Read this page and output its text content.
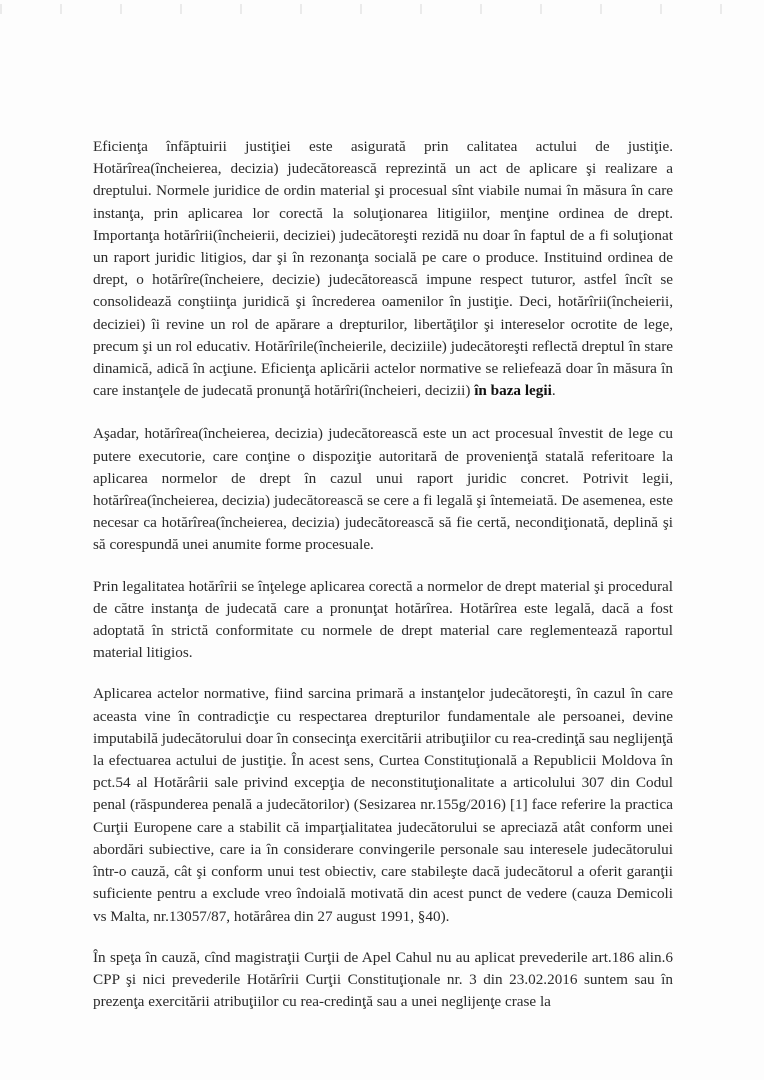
Eficienţa înfăptuirii justiţiei este asigurată prin calitatea actului de justiţie. Hotărîrea(încheierea, decizia) judecătorească reprezintă un act de aplicare şi realizare a dreptului. Normele juridice de ordin material şi procesual sînt viabile numai în măsura în care instanţa, prin aplicarea lor corectă la soluţionarea litigiilor, menţine ordinea de drept. Importanţa hotărîrii(încheierii, deciziei) judecătoreşti rezidă nu doar în faptul de a fi soluţionat un raport juridic litigios, dar şi în rezonanţa socială pe care o produce. Instituind ordinea de drept, o hotărîre(încheiere, decizie) judecătorească impune respect tuturor, astfel încît se consolidează conştiinţa juridică şi încrederea oamenilor în justiţie. Deci, hotărîrii(încheierii, deciziei) îi revine un rol de apărare a drepturilor, libertăţilor şi intereselor ocrotite de lege, precum şi un rol educativ. Hotărîrile(încheierile, deciziile) judecătoreşti reflectă dreptul în stare dinamică, adică în acţiune. Eficienţa aplicării actelor normative se reliefează doar în măsura în care instanţele de judecată pronunţă hotărîri(încheieri, decizii) în baza legii.

Aşadar, hotărîrea(încheierea, decizia) judecătorească este un act procesual învestit de lege cu putere executorie, care conţine o dispoziţie autoritară de provenienţă statală referitoare la aplicarea normelor de drept în cazul unui raport juridic concret. Potrivit legii, hotărîrea(încheierea, decizia) judecătorească se cere a fi legală şi întemeiată. De asemenea, este necesar ca hotărîrea(încheierea, decizia) judecătorească să fie certă, necondiţionată, deplină şi să corespundă unei anumite forme procesuale.

Prin legalitatea hotărîrii se înţelege aplicarea corectă a normelor de drept material şi procedural de către instanţa de judecată care a pronunţat hotărîrea. Hotărîrea este legală, dacă a fost adoptată în strictă conformitate cu normele de drept material care reglementează raportul material litigios.

Aplicarea actelor normative, fiind sarcina primară a instanţelor judecătoreşti, în cazul în care aceasta vine în contradicţie cu respectarea drepturilor fundamentale ale persoanei, devine imputabilă judecătorului doar în consecinţa exercitării atribuţiilor cu rea-credinţă sau neglijenţă la efectuarea actului de justiţie. În acest sens, Curtea Constituţională a Republicii Moldova în pct.54 al Hotărârii sale privind excepţia de neconstituţionalitate a articolului 307 din Codul penal (răspunderea penală a judecătorilor) (Sesizarea nr.155g/2016) [1] face referire la practica Curţii Europene care a stabilit că imparţialitatea judecătorului se apreciază atât conform unei abordări subiective, care ia în considerare convingerile personale sau interesele judecătorului într-o cauză, cât şi conform unui test obiectiv, care stabileşte dacă judecătorul a oferit garanţii suficiente pentru a exclude vreo îndoială motivată din acest punct de vedere (cauza Demicoli vs Malta, nr.13057/87, hotărârea din 27 august 1991, §40).

În speţa în cauză, cînd magistraţii Curţii de Apel Cahul nu au aplicat prevederile art.186 alin.6 CPP şi nici prevederile Hotărîrii Curţii Constituţionale nr. 3 din 23.02.2016 suntem sau în prezenţa exercitării atribuţiilor cu rea-credinţă sau a unei neglijenţe crase la
